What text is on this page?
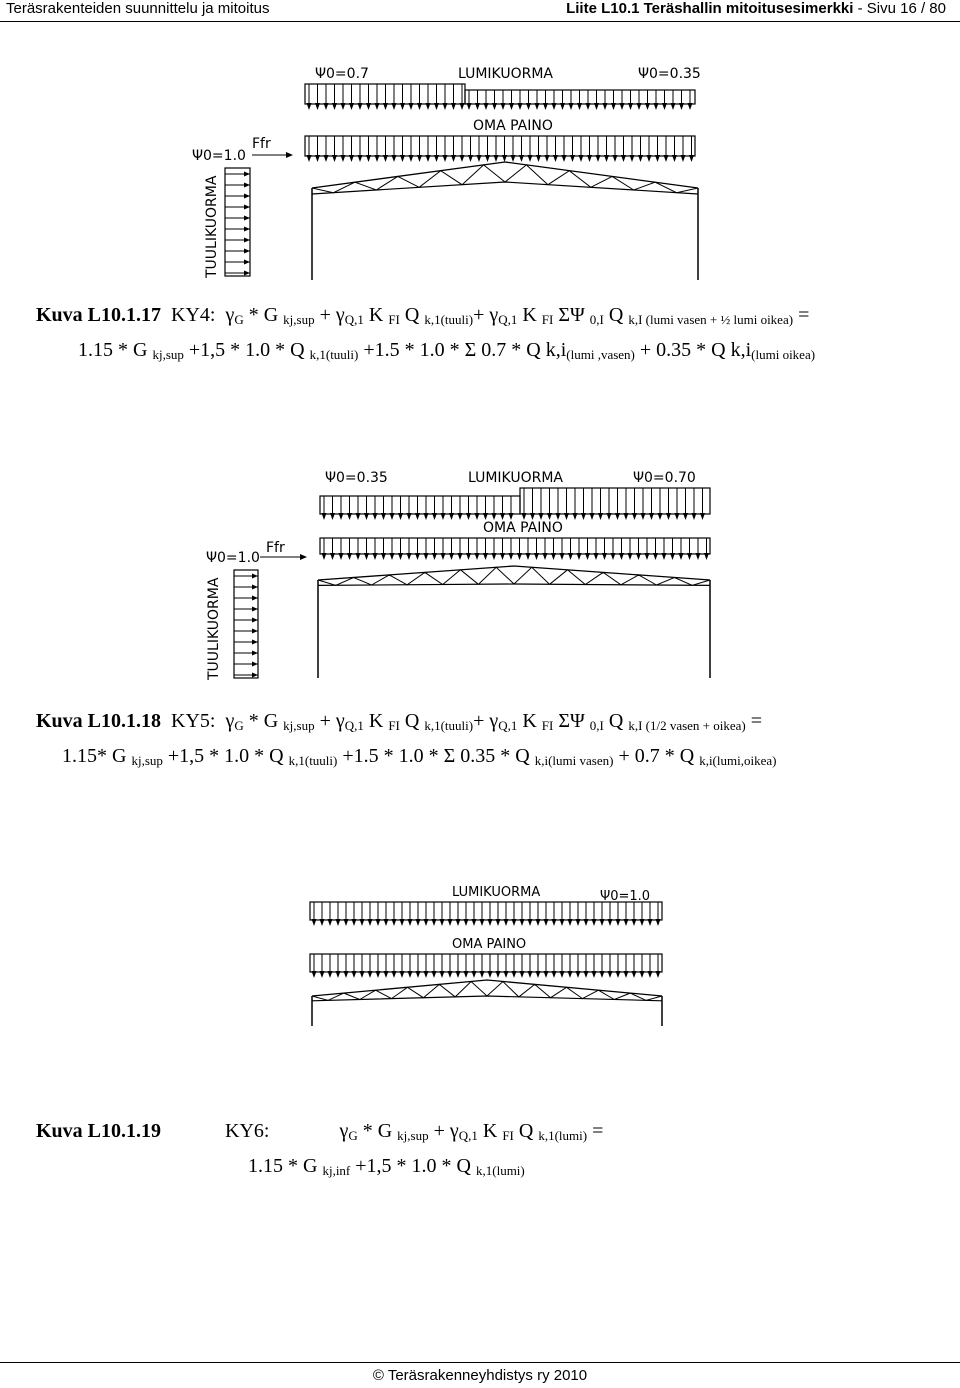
Teräsrakenteiden suunnittelu ja mitoitus	Liite L10.1 Teräshallin mitoitusesimerkki - Sivu 16 / 80
Ψ0=0.7	LUMIKUORMA	Ψ0=0.35
OMA PAINO
Ψ0=1.0
Ffr
TUULIKUORMA
Kuva L10.1.17 KY4: $\gamma_G$ * G $_{kj,sup} + \gamma_{Q,1}$ K $_{FI}$ Q $_{k,1(tuuli)}+ \gamma_{Q,1}$ K $_{FI}$ ΣΨ $_{0,I}$ Q $_{k,I (lumi vasen + \frac{1}{2} lumi oikea)}$ =
1.15 * G $_{kj,sup}$ +1,5 * 1.0 * Q $_{k,1(tuuli)}$ +1.5 * 1.0 * Σ 0.7 * Q $k,i_{(lumi ,vasen)} + 0.35 * Q$ $k,i_{(lumi oikea)}$
Ψ0=0.35	LUMIKUORMA	Ψ0=0.70
OMA PAINO
Ψ0=1.0
Ffr
TUULIKUORMA
Kuva L10.1.18 KY5: $\gamma_G$ * G $_{kj,sup} + \gamma_{Q,1}$ K $_{FI}$ Q $_{k,1(tuuli)}+ \gamma_{Q,1}$ K $_{FI}$ ΣΨ $_{0,I}$ Q $_{k,I (1/2 vasen + oikea)}$ =
1.15* G $_{kj,sup}$ +1,5 * 1.0 * Q $_{k,1(tuuli)}$ +1.5 * 1.0 * Σ 0.35 * Q $_{k,i(lumi vasen)}$ + 0.7 * Q $_{k,i(lumi,oikea)}$
LUMIKUORMA	Ψ0=1.0
OMA PAINO
Kuva L10.1.19	KY6:	$\gamma_G$ * G $_{kj,sup} + \gamma_{Q,1}$ K $_{FI}$ Q $_{k,1(lumi)}$ =
1.15 * G $_{kj,inf}$ +1,5 * 1.0 * Q $_{k,1(lumi)}$
© Teräsrakenneyhdistys ry 2010
